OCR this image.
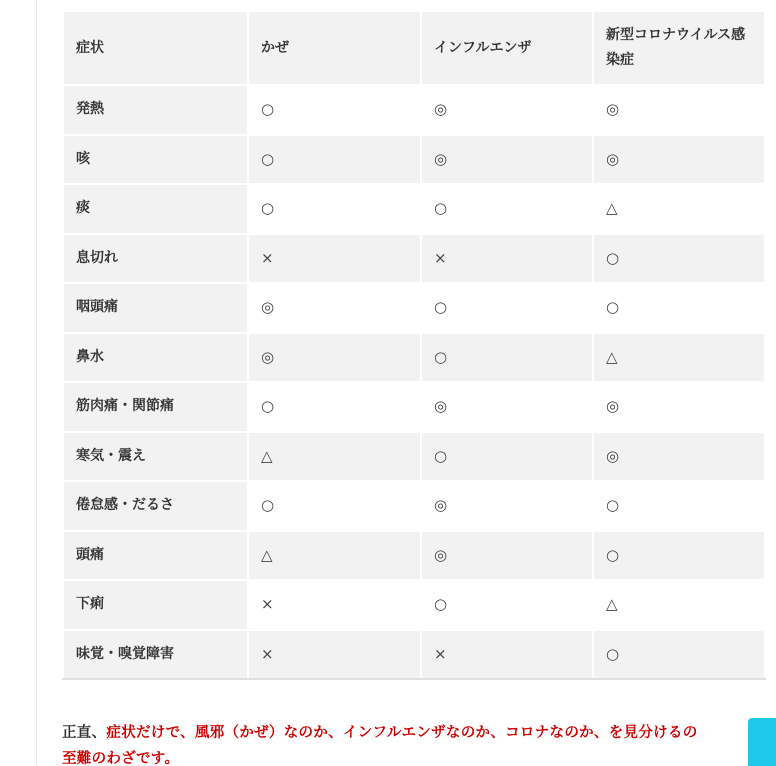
症状	かぜ	インフルエンザ	新型コロナウイルス感染症
発熱	○	◎	◎
咳	○	◎	◎
痰	○	○	△
息切れ	×	×	○
咽頭痛	◎	○	○
鼻水	◎	○	△
筋肉痛・関節痛	○	◎	◎
寒気・震え	△	○	◎
倦怠感・だるさ	○	◎	○
頭痛	△	◎	○
下痢	×	○	△
味覚・嗅覚障害	×	×	○
正直、症状だけで、風邪（かぜ）なのか、インフルエンザなのか、コロナなのか、を見分けるの
至難のわざです。
